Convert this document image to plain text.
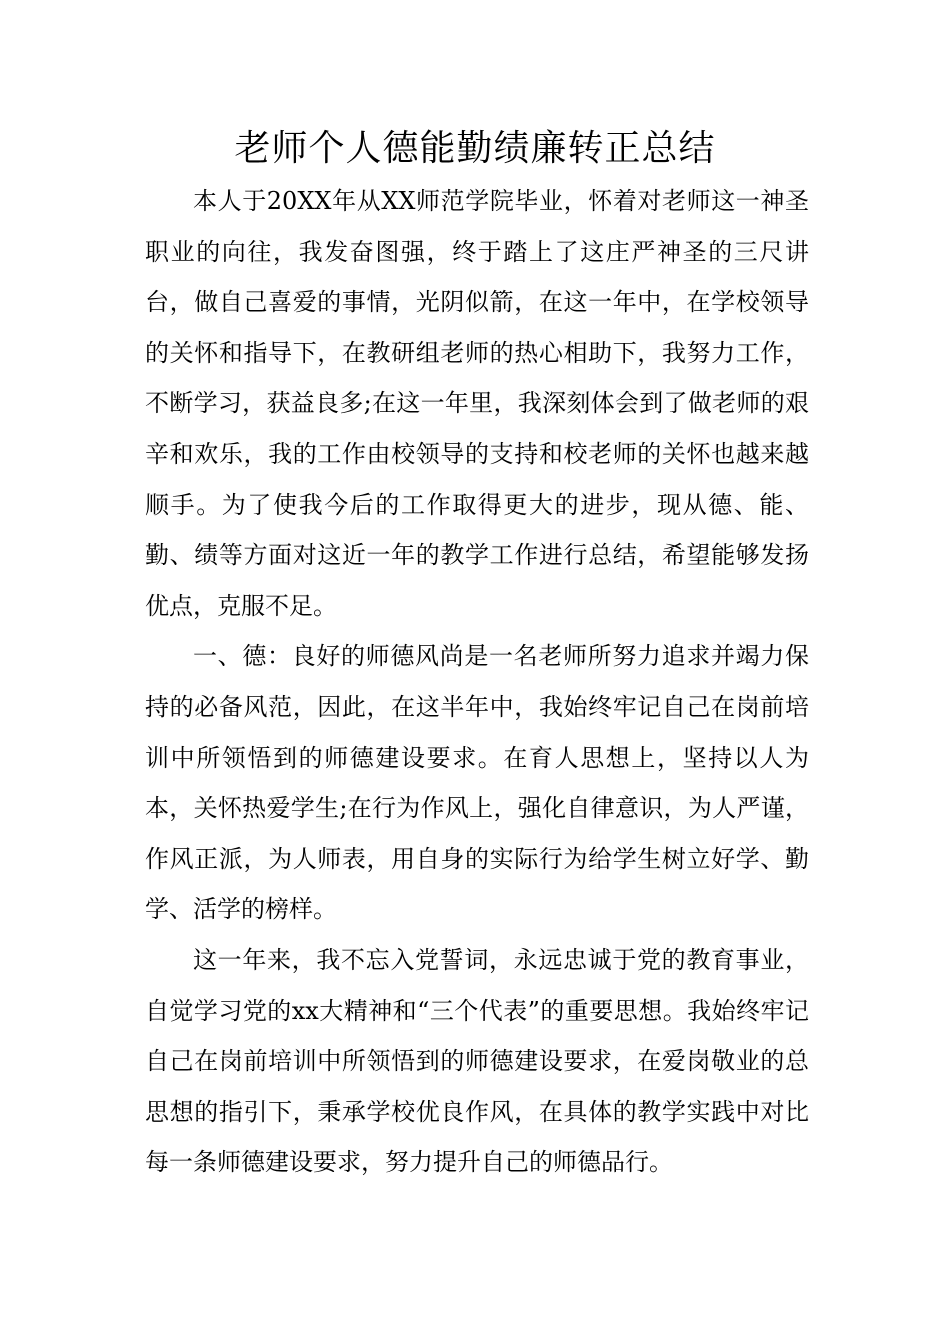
老师个人德能勤绩廉转正总结

本人于20XX年从XX师范学院毕业，怀着对老师这一神圣职业的向往，我发奋图强，终于踏上了这庄严神圣的三尺讲台，做自己喜爱的事情，光阴似箭，在这一年中，在学校领导的关怀和指导下，在教研组老师的热心相助下，我努力工作，不断学习，获益良多;在这一年里，我深刻体会到了做老师的艰辛和欢乐，我的工作由校领导的支持和校老师的关怀也越来越顺手。为了使我今后的工作取得更大的进步，现从德、能、勤、绩等方面对这近一年的教学工作进行总结，希望能够发扬优点，克服不足。

一、德：良好的师德风尚是一名老师所努力追求并竭力保持的必备风范，因此，在这半年中，我始终牢记自己在岗前培训中所领悟到的师德建设要求。在育人思想上，坚持以人为本，关怀热爱学生;在行为作风上，强化自律意识，为人严谨，作风正派，为人师表，用自身的实际行为给学生树立好学、勤学、活学的榜样。

这一年来，我不忘入党誓词，永远忠诚于党的教育事业，自觉学习党的xx大精神和“三个代表”的重要思想。我始终牢记自己在岗前培训中所领悟到的师德建设要求，在爱岗敬业的总思想的指引下，秉承学校优良作风，在具体的教学实践中对比每一条师德建设要求，努力提升自己的师德品行。
